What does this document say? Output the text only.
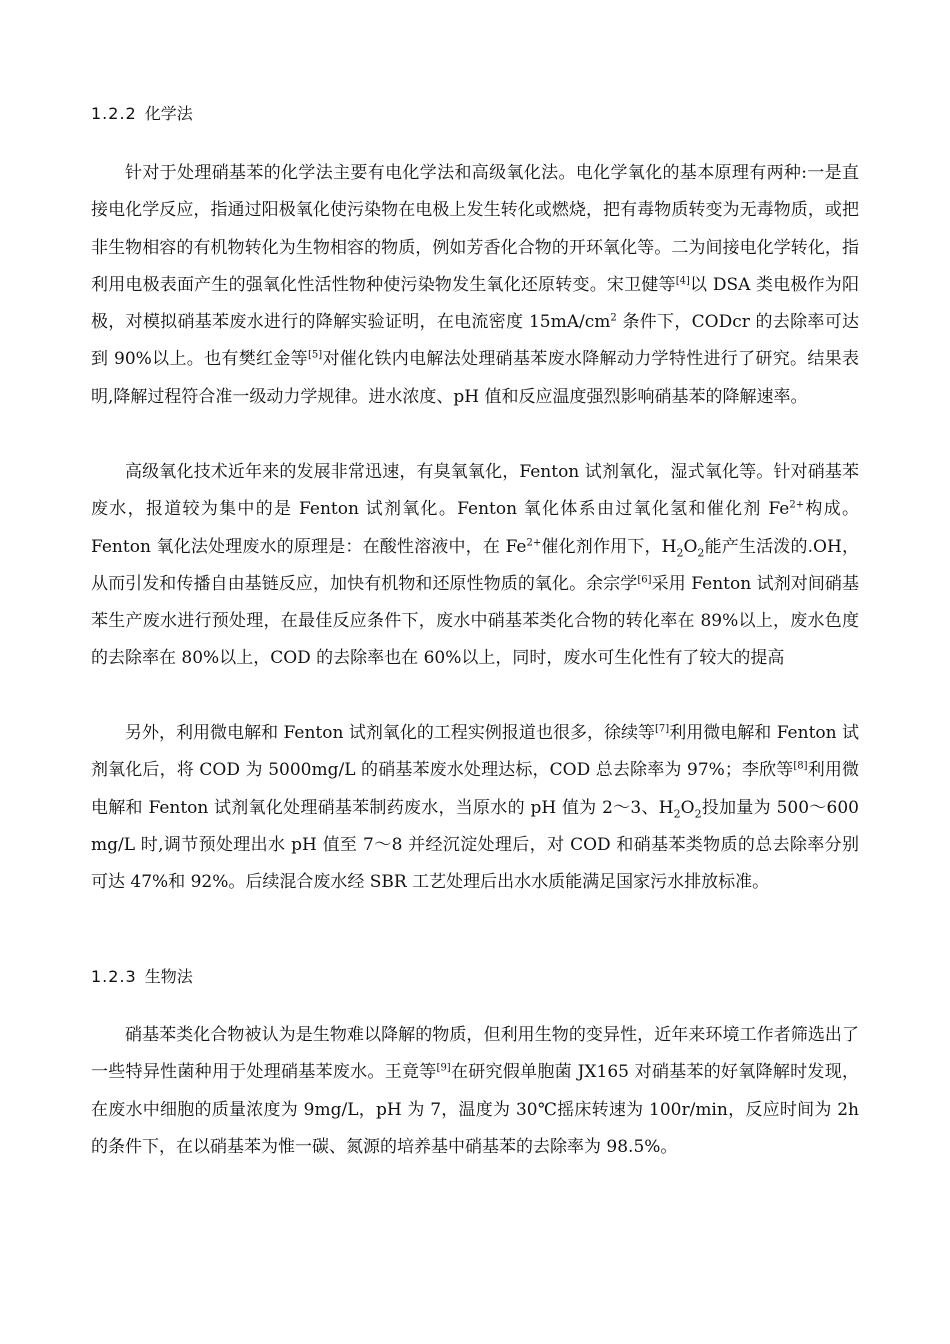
1.2.2 化学法

针对于处理硝基苯的化学法主要有电化学法和高级氧化法。电化学氧化的基本原理有两种:一是直接电化学反应，指通过阳极氧化使污染物在电极上发生转化或燃烧，把有毒物质转变为无毒物质，或把非生物相容的有机物转化为生物相容的物质，例如芳香化合物的开环氧化等。二为间接电化学转化，指利用电极表面产生的强氧化性活性物种使污染物发生氧化还原转变。宋卫健等[4]以 DSA 类电极作为阳极，对模拟硝基苯废水进行的降解实验证明，在电流密度 $15mA/cm^2$ 条件下，CODcr 的去除率可达到 90%以上。也有樊红金等[5]对催化铁内电解法处理硝基苯废水降解动力学特性进行了研究。结果表明,降解过程符合准一级动力学规律。进水浓度、pH 值和反应温度强烈影响硝基苯的降解速率。

高级氧化技术近年来的发展非常迅速，有臭氧氧化，Fenton 试剂氧化，湿式氧化等。针对硝基苯废水，报道较为集中的是 Fenton 试剂氧化。Fenton 氧化体系由过氧化氢和催化剂 $Fe^{2+}$构成。Fenton 氧化法处理废水的原理是：在酸性溶液中，在 $Fe^{2+}$催化剂作用下，$H_2O_2$能产生活泼的.OH，从而引发和传播自由基链反应，加快有机物和还原性物质的氧化。余宗学[6]采用 Fenton 试剂对间硝基苯生产废水进行预处理，在最佳反应条件下，废水中硝基苯类化合物的转化率在 89%以上，废水色度的去除率在 80%以上，COD 的去除率也在 60%以上，同时，废水可生化性有了较大的提高

另外，利用微电解和 Fenton 试剂氧化的工程实例报道也很多，徐续等[7]利用微电解和 Fenton 试剂氧化后，将 COD 为 5000mg/L 的硝基苯废水处理达标，COD 总去除率为 97%；李欣等[8]利用微电解和 Fenton 试剂氧化处理硝基苯制药废水，当原水的 pH 值为 2～3、$H_2O_2$投加量为 500～600 mg/L 时,调节预处理出水 pH 值至 7～8 并经沉淀处理后，对 COD 和硝基苯类物质的总去除率分别可达 47%和 92%。后续混合废水经 SBR 工艺处理后出水水质能满足国家污水排放标准。

1.2.3 生物法

硝基苯类化合物被认为是生物难以降解的物质，但利用生物的变异性，近年来环境工作者筛选出了一些特异性菌种用于处理硝基苯废水。王竟等[9]在研究假单胞菌 JX165 对硝基苯的好氧降解时发现，在废水中细胞的质量浓度为 9mg/L，pH 为 7，温度为 30℃摇床转速为 100r/min，反应时间为 2h 的条件下，在以硝基苯为惟一碳、氮源的培养基中硝基苯的去除率为 98.5%。
